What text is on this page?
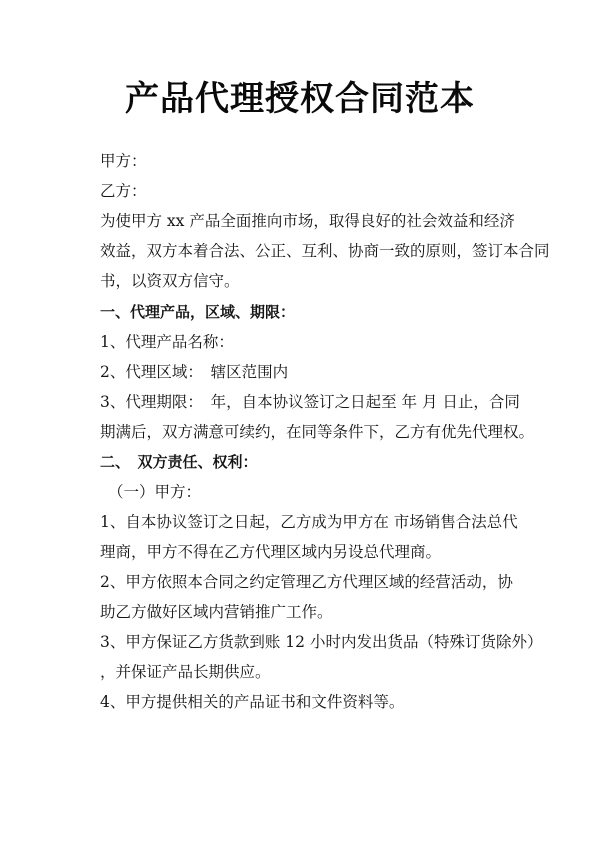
产品代理授权合同范本
甲方：
乙方：
为使甲方 xx 产品全面推向市场，取得良好的社会效益和经济
效益，双方本着合法、公正、互利、协商一致的原则，签订本合同
书，以资双方信守。
一、代理产品，区域、期限：
1、代理产品名称：
2、代理区域：　辖区范围内
3、代理期限：　年，自本协议签订之日起至 年 月 日止，合同
期满后，双方满意可续约，在同等条件下，乙方有优先代理权。
二、　双方责任、权利：
（一）甲方：
1、自本协议签订之日起，乙方成为甲方在 市场销售合法总代
理商，甲方不得在乙方代理区域内另设总代理商。
2、甲方依照本合同之约定管理乙方代理区域的经营活动，协
助乙方做好区域内营销推广工作。
3、甲方保证乙方货款到账 12 小时内发出货品（特殊订货除外）
，并保证产品长期供应。
4、甲方提供相关的产品证书和文件资料等。
